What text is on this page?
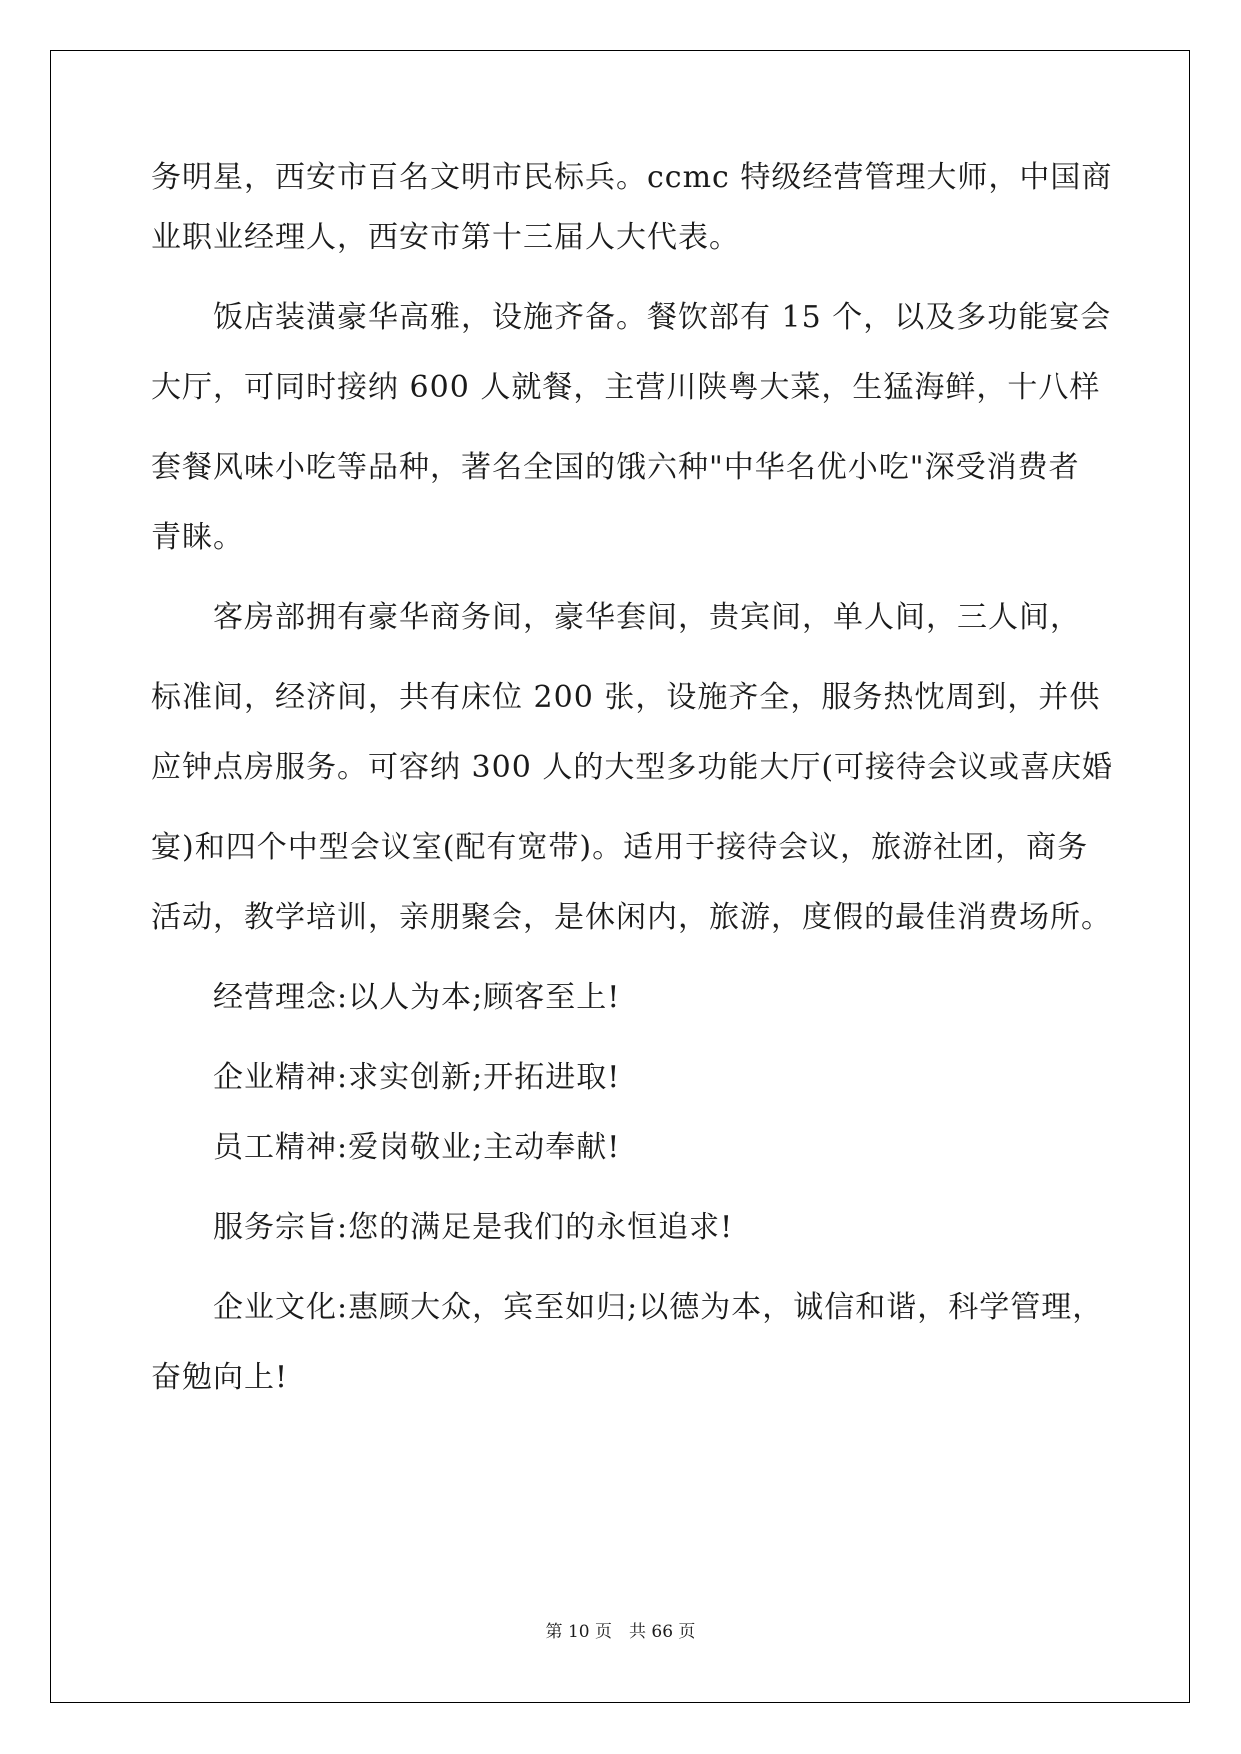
务明星，西安市百名文明市民标兵。ccmc 特级经营管理大师，中国商
业职业经理人，西安市第十三届人大代表。
饭店装潢豪华高雅，设施齐备。餐饮部有 15 个，以及多功能宴会
大厅，可同时接纳 600 人就餐，主营川陕粤大菜，生猛海鲜，十八样
套餐风味小吃等品种，著名全国的饿六种"中华名优小吃"深受消费者
青睐。
客房部拥有豪华商务间，豪华套间，贵宾间，单人间，三人间，
标准间，经济间，共有床位 200 张，设施齐全，服务热忱周到，并供
应钟点房服务。可容纳 300 人的大型多功能大厅(可接待会议或喜庆婚
宴)和四个中型会议室(配有宽带)。适用于接待会议，旅游社团，商务
活动，教学培训，亲朋聚会，是休闲内，旅游，度假的最佳消费场所。
经营理念:以人为本;顾客至上!
企业精神:求实创新;开拓进取!
员工精神:爱岗敬业;主动奉献!
服务宗旨:您的满足是我们的永恒追求!
企业文化:惠顾大众，宾至如归;以德为本，诚信和谐，科学管理，
奋勉向上!
第 10 页　共 66 页
